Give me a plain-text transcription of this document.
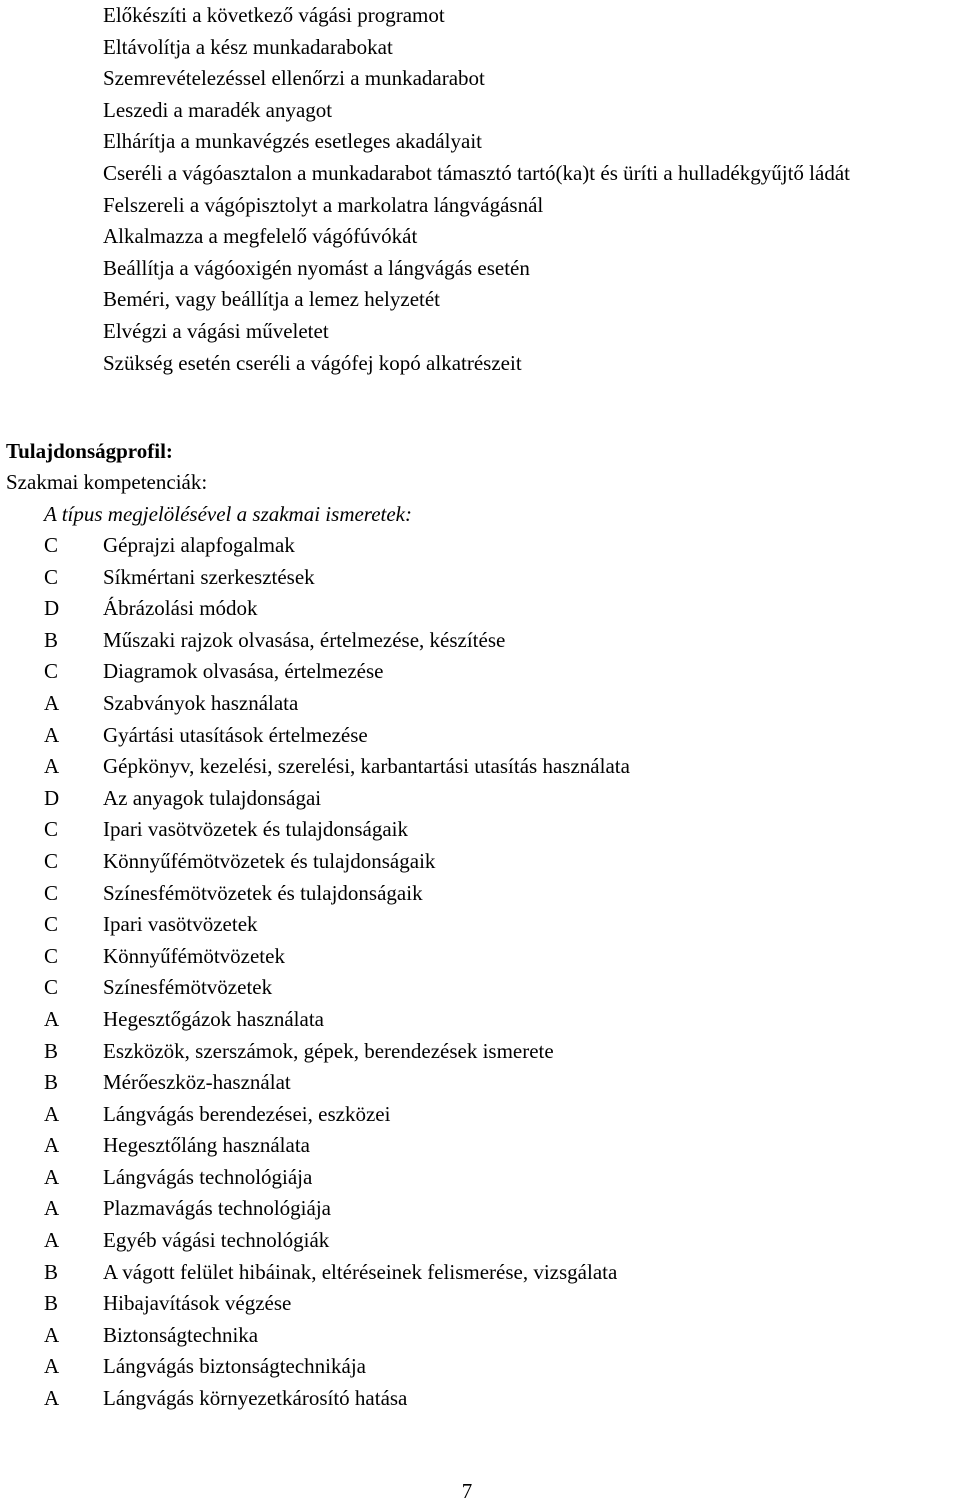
Előkészíti a következő vágási programot
Eltávolítja a kész munkadarabokat
Szemrevételezéssel ellenőrzi a munkadarabot
Leszedi a maradék anyagot
Elhárítja a munkavégzés esetleges akadályait
Cseréli a vágóasztalon a munkadarabot támasztó tartó(ka)t és üríti a hulladékgyűjtő ládát
Felszereli a vágópisztolyt a markolatra lángvágásnál
Alkalmazza a megfelelő vágófúvókát
Beállítja a vágóoxigén nyomást a lángvágás esetén
Beméri, vagy beállítja a lemez helyzetét
Elvégzi a vágási műveletet
Szükség esetén cseréli a vágófej kopó alkatrészeit
Tulajdonságprofil:
Szakmai kompetenciák:
A típus megjelölésével a szakmai ismeretek:
C	Géprajzi alapfogalmak
C	Síkmértani szerkesztések
D	Ábrázolási módok
B	Műszaki rajzok olvasása, értelmezése, készítése
C	Diagramok olvasása, értelmezése
A	Szabványok használata
A	Gyártási utasítások értelmezése
A	Gépkönyv, kezelési, szerelési, karbantartási utasítás használata
D	Az anyagok tulajdonságai
C	Ipari vasötvözetek és tulajdonságaik
C	Könnyűfémötvözetek és tulajdonságaik
C	Színesfémötvözetek és tulajdonságaik
C	Ipari vasötvözetek
C	Könnyűfémötvözetek
C	Színesfémötvözetek
A	Hegesztőgázok használata
B	Eszközök, szerszámok, gépek, berendezések ismerete
B	Mérőeszköz-használat
A	Lángvágás berendezései, eszközei
A	Hegesztőláng használata
A	Lángvágás technológiája
A	Plazmavágás technológiája
A	Egyéb vágási technológiák
B	A vágott felület hibáinak, eltéréseinek felismerése, vizsgálata
B	Hibajavítások végzése
A	Biztonságtechnika
A	Lángvágás biztonságtechnikája
A	Lángvágás környezetkárosító hatása
7
